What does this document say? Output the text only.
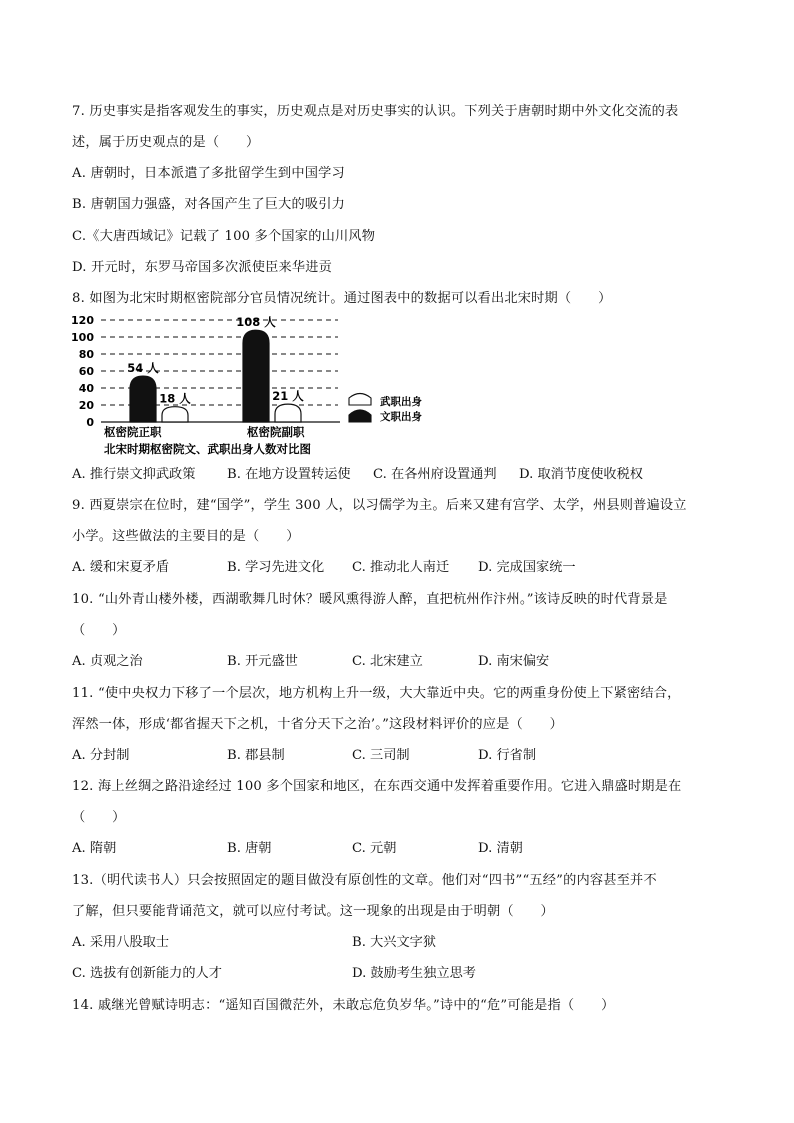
7. 历史事实是指客观发生的事实，历史观点是对历史事实的认识。下列关于唐朝时期中外文化交流的表
述，属于历史观点的是（　　）
A. 唐朝时，日本派遣了多批留学生到中国学习
B. 唐朝国力强盛，对各国产生了巨大的吸引力
C.《大唐西域记》记载了 100 多个国家的山川风物
D. 开元时，东罗马帝国多次派使臣来华进贡
8. 如图为北宋时期枢密院部分官员情况统计。通过图表中的数据可以看出北宋时期（　　）
0
20
40
60
80
100
120
54 人
18 人
108 人
21 人
枢密院正职	枢密院副职
北宋时期枢密院文、武职出身人数对比图
武职出身
文职出身
A. 推行崇文抑武政策 B. 在地方设置转运使 C. 在各州府设置通判 D. 取消节度使收税权
9. 西夏崇宗在位时，建“国学”，学生 300 人，以习儒学为主。后来又建有宫学、太学，州县则普遍设立
小学。这些做法的主要目的是（　　）
A. 缓和宋夏矛盾	B. 学习先进文化 C. 推动北人南迁 D. 完成国家统一
10. “山外青山楼外楼，西湖歌舞几时休？暖风熏得游人醉，直把杭州作汴州。”该诗反映的时代背景是
（　　）
A. 贞观之治	B. 开元盛世	C. 北宋建立	D. 南宋偏安
11. “使中央权力下移了一个层次，地方机构上升一级，大大靠近中央。它的两重身份使上下紧密结合，
浑然一体，形成‘都省握天下之机，十省分天下之治’。”这段材料评价的应是（　　）
A. 分封制	B. 郡县制	C. 三司制	D. 行省制
12. 海上丝绸之路沿途经过 100 多个国家和地区，在东西交通中发挥着重要作用。它进入鼎盛时期是在
（　　）
A. 隋朝	B. 唐朝	C. 元朝	D. 清朝
13.（明代读书人）只会按照固定的题目做没有原创性的文章。他们对“四书”“五经”的内容甚至并不
了解，但只要能背诵范文，就可以应付考试。这一现象的出现是由于明朝（　　）
A. 采用八股取士	B. 大兴文字狱
C. 选拔有创新能力的人才	D. 鼓励考生独立思考
14. 戚继光曾赋诗明志：“遥知百国微茫外，未敢忘危负岁华。”诗中的“危”可能是指（　　）
